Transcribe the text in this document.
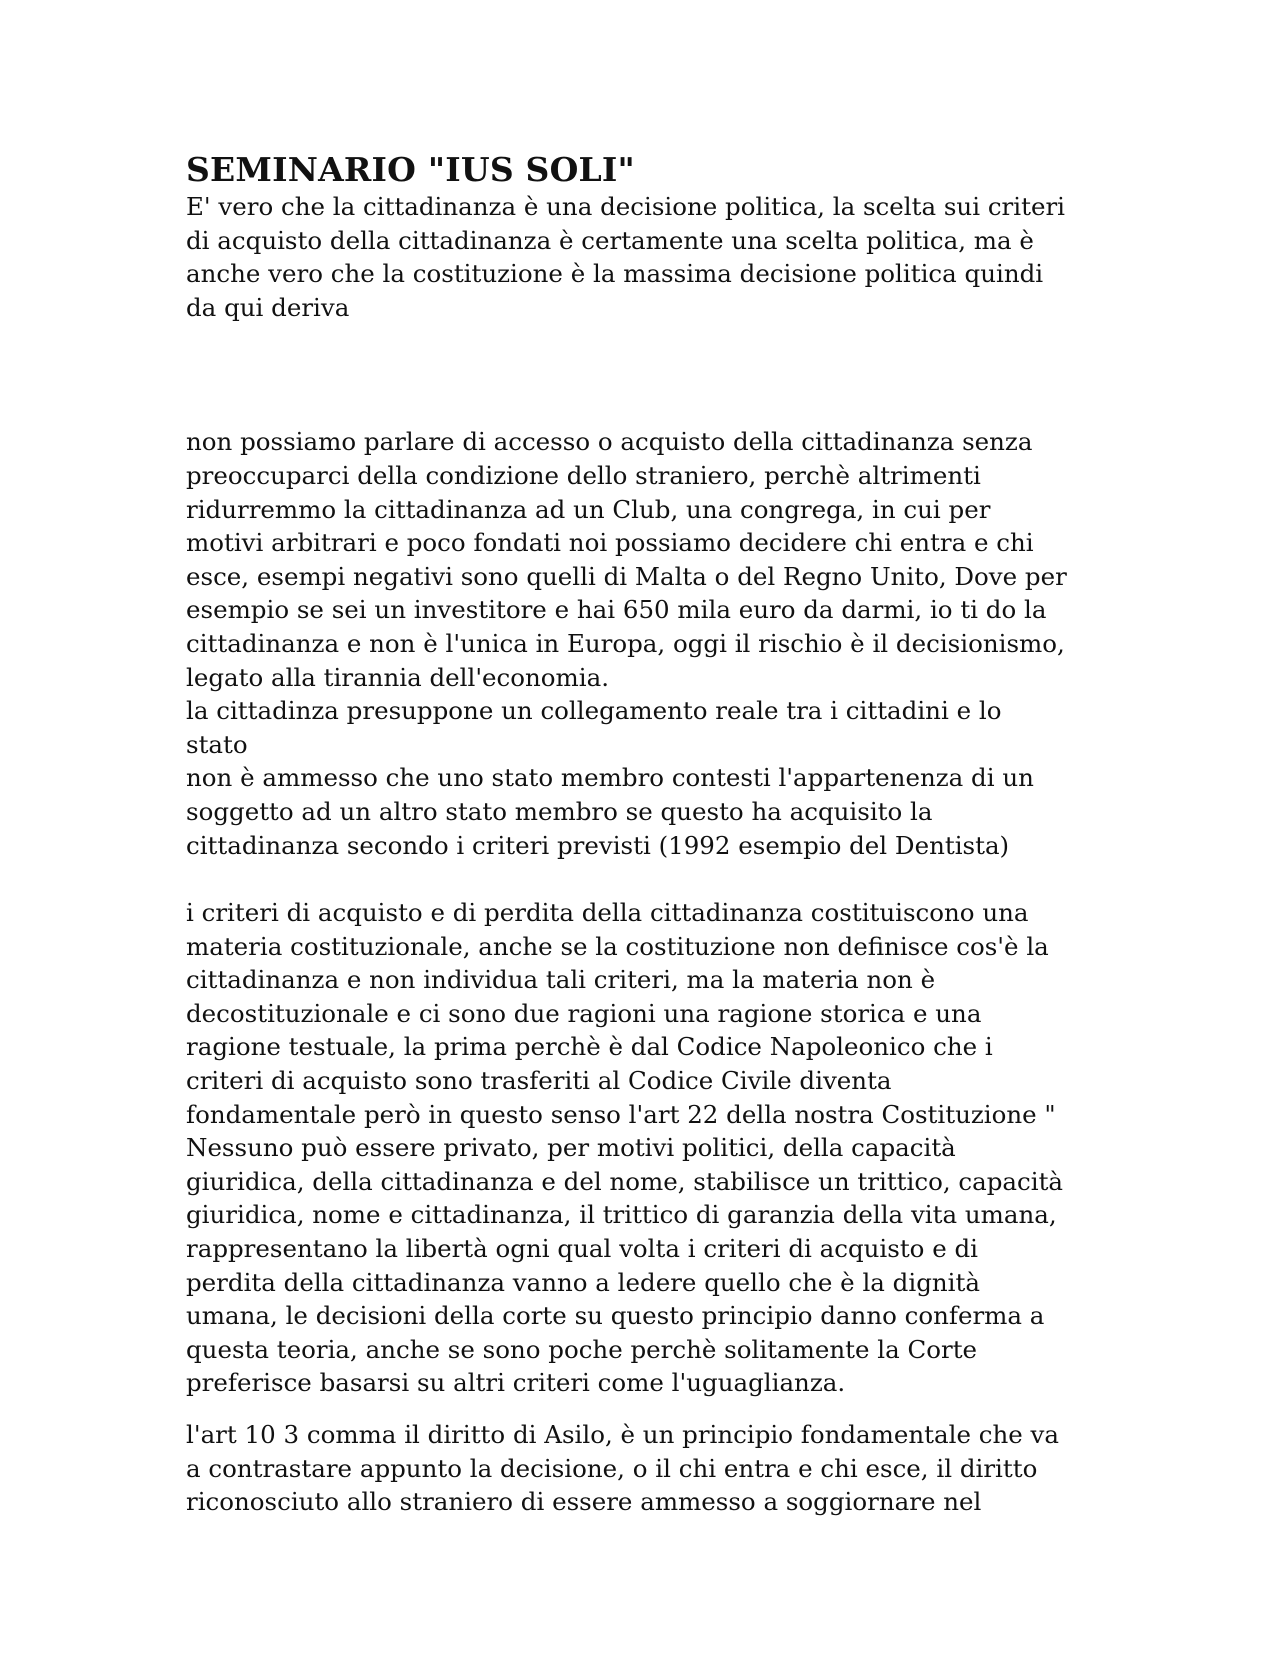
SEMINARIO "IUS SOLI"

E' vero che la cittadinanza è una decisione politica, la scelta sui criteri
di acquisto della cittadinanza è certamente una scelta politica, ma è
anche vero che la costituzione è la massima decisione politica quindi
da qui deriva

non possiamo parlare di accesso o acquisto della cittadinanza senza
preoccuparci della condizione dello straniero, perchè altrimenti
ridurremmo la cittadinanza ad un Club, una congrega, in cui per
motivi arbitrari e poco fondati noi possiamo decidere chi entra e chi
esce, esempi negativi sono quelli di Malta o del Regno Unito, Dove per
esempio se sei un investitore e hai 650 mila euro da darmi, io ti do la
cittadinanza e non è l'unica in Europa, oggi il rischio è il decisionismo,
legato alla tirannia dell'economia.

la cittadinza presuppone un collegamento reale tra i cittadini e lo
stato

non è ammesso che uno stato membro contesti l'appartenenza di un
soggetto ad un altro stato membro se questo ha acquisito la
cittadinanza secondo i criteri previsti (1992 esempio del Dentista)

i criteri di acquisto e di perdita della cittadinanza costituiscono una
materia costituzionale, anche se la costituzione non definisce cos'è la
cittadinanza e non individua tali criteri, ma la materia non è
decostituzionale e ci sono due ragioni una ragione storica e una
ragione testuale, la prima perchè è dal Codice Napoleonico che i
criteri di acquisto sono trasferiti al Codice Civile diventa
fondamentale però in questo senso l'art 22 della nostra Costituzione "
Nessuno può essere privato, per motivi politici, della capacità
giuridica, della cittadinanza e del nome, stabilisce un trittico, capacità
giuridica, nome e cittadinanza, il trittico di garanzia della vita umana,
rappresentano la libertà ogni qual volta i criteri di acquisto e di
perdita della cittadinanza vanno a ledere quello che è la dignità
umana, le decisioni della corte su questo principio danno conferma a
questa teoria, anche se sono poche perchè solitamente la Corte
preferisce basarsi su altri criteri come l'uguaglianza.

l'art 10 3 comma il diritto di Asilo, è un principio fondamentale che va
a contrastare appunto la decisione, o il chi entra e chi esce, il diritto
riconosciuto allo straniero di essere ammesso a soggiornare nel
